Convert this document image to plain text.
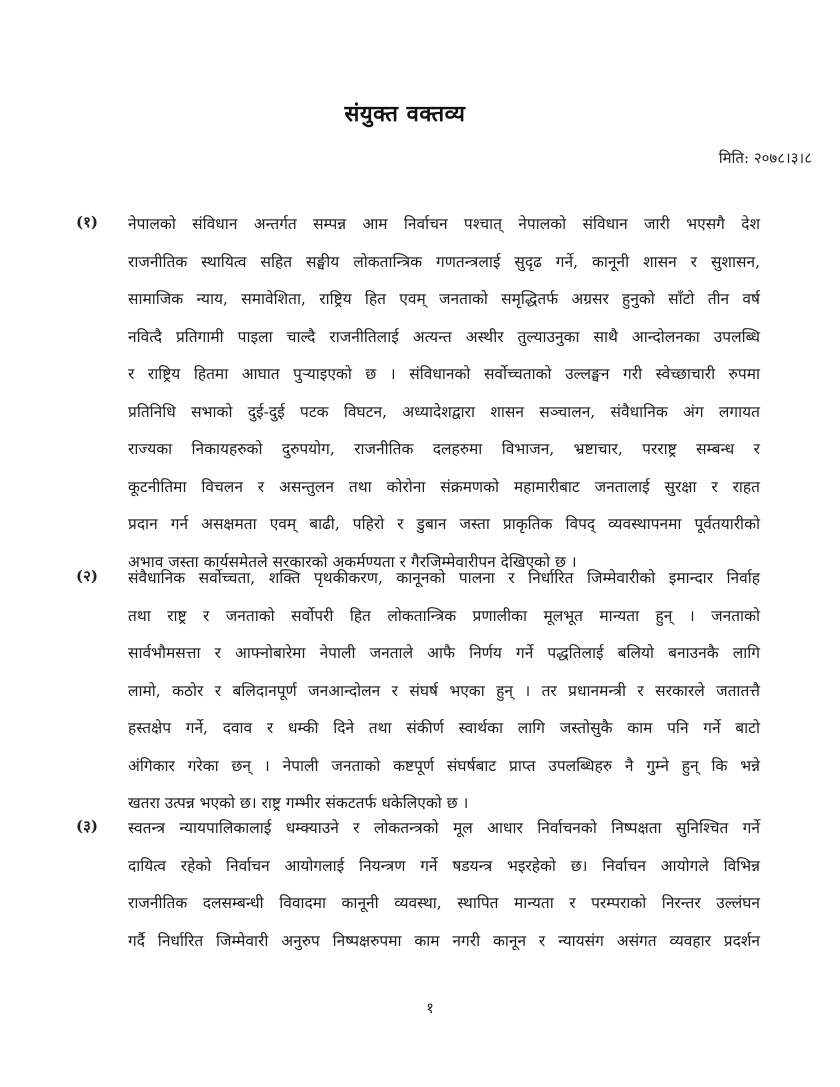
संयुक्त वक्तव्य
मिति: २०७८।३।८
(१) नेपालको संविधान अन्तर्गत सम्पन्न आम निर्वाचन पश्चात् नेपालको संविधान जारी भएसगै देश
राजनीतिक स्थायित्व सहित सङ्घीय लोकतान्त्रिक गणतन्त्रलाई सुदृढ गर्ने, कानूनी शासन र सुशासन,
सामाजिक न्याय, समावेशिता, राष्ट्रिय हित एवम् जनताको समृद्धितर्फ अग्रसर हुनुको साँटो तीन वर्ष
नवित्दै प्रतिगामी पाइला चाल्दै राजनीतिलाई अत्यन्त अस्थीर तुल्याउनुका साथै आन्दोलनका उपलब्धि
र राष्ट्रिय हितमा आघात पुऱ्याइएको छ । संविधानको सर्वोच्चताको उल्लङ्घन गरी स्वेच्छाचारी रुपमा
प्रतिनिधि सभाको दुई-दुई पटक विघटन, अध्यादेशद्वारा शासन सञ्चालन, संवैधानिक अंग लगायत
राज्यका निकायहरुको दुरुपयोग, राजनीतिक दलहरुमा विभाजन, भ्रष्टाचार, परराष्ट्र सम्बन्ध र
कूटनीतिमा विचलन र असन्तुलन तथा कोरोना संक्रमणको महामारीबाट जनतालाई सुरक्षा र राहत
प्रदान गर्न असक्षमता एवम् बाढी, पहिरो र डुबान जस्ता प्राकृतिक विपद् व्यवस्थापनमा पूर्वतयारीको
अभाव जस्ता कार्यसमेतले सरकारको अकर्मण्यता र गैरजिम्मेवारीपन देखिएको छ ।
(२) संवैधानिक सर्वोच्चता, शक्ति पृथकीकरण, कानूनको पालना र निर्धारित जिम्मेवारीको इमान्दार निर्वाह
तथा राष्ट्र र जनताको सर्वोपरी हित लोकतान्त्रिक प्रणालीका मूलभूत मान्यता हुन् । जनताको
सार्वभौमसत्ता र आफ्नोबारेमा नेपाली जनताले आफै निर्णय गर्ने पद्धतिलाई बलियो बनाउनकै लागि
लामो, कठोर र बलिदानपूर्ण जनआन्दोलन र संघर्ष भएका हुन् । तर प्रधानमन्त्री र सरकारले जतातत्तै
हस्तक्षेप गर्ने, दवाव र धम्की दिने तथा संकीर्ण स्वार्थका लागि जस्तोसुकै काम पनि गर्ने बाटो
अंगिकार गरेका छन् । नेपाली जनताको कष्टपूर्ण संघर्षबाट प्राप्त उपलब्धिहरु नै गुम्ने हुन् कि भन्ने
खतरा उत्पन्न भएको छ। राष्ट्र गम्भीर संकटतर्फ धकेलिएको छ ।
(३) स्वतन्त्र न्यायपालिकालाई धम्क्याउने र लोकतन्त्रको मूल आधार निर्वाचनको निष्पक्षता सुनिश्चित गर्ने
दायित्व रहेको निर्वाचन आयोगलाई नियन्त्रण गर्ने षडयन्त्र भइरहेको छ। निर्वाचन आयोगले विभिन्न
राजनीतिक दलसम्बन्धी विवादमा कानूनी व्यवस्था, स्थापित मान्यता र परम्पराको निरन्तर उल्लंघन
गर्दै निर्धारित जिम्मेवारी अनुरुप निष्पक्षरुपमा काम नगरी कानून र न्यायसंग असंगत व्यवहार प्रदर्शन
१
